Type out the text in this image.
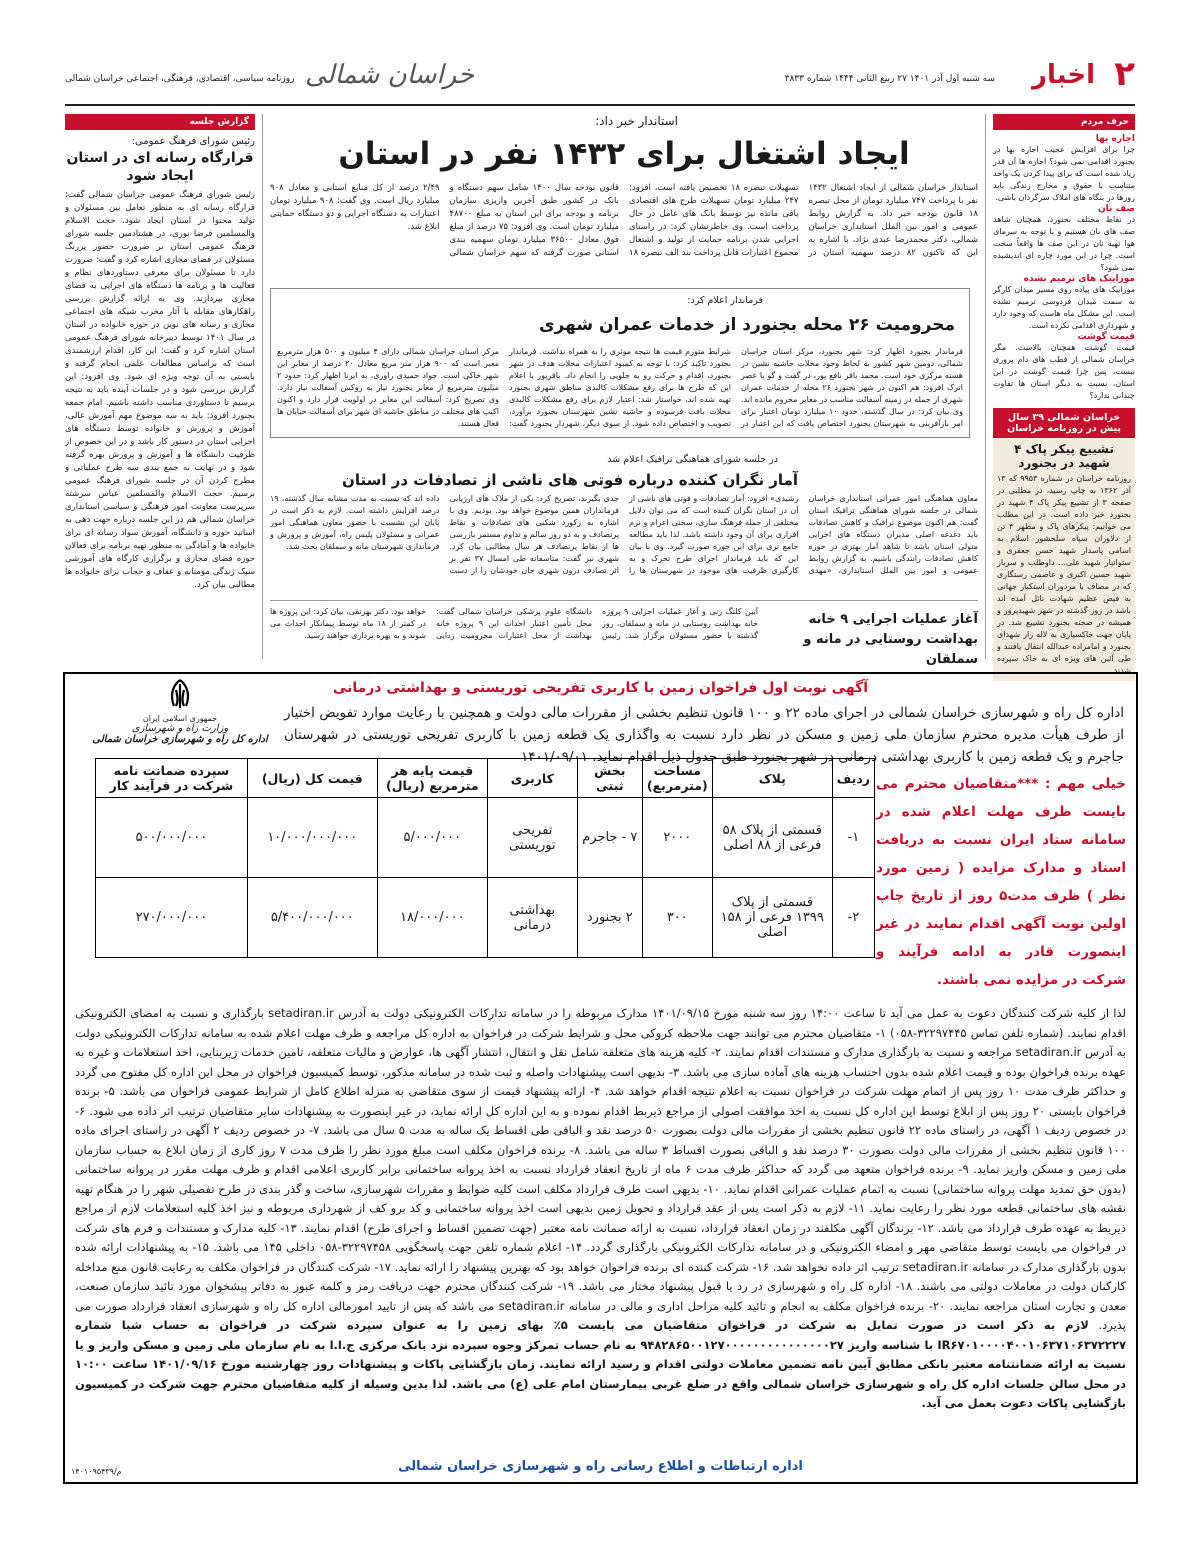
۲
اخبار
سه شنبه اول آذر ۱۴۰۱ ۲۷ ربیع الثانی ۱۴۴۴ شماره ۳۸۳۳
خراسان شمالی
روزنامه سیاسی، اقتصادی، فرهنگی، اجتماعی خراسان شمالی
حرف مردم
اجاره بها
چرا برای افزایش عجیب اجاره بها در بجنورد اقدامی نمی شود؟ اجاره ها آن قدر زیاد شده است که برای پیدا کردن یک واحد متناسب با حقوق و مخارج زندگی باید روزها در بنگاه های املاک سرگردان باشی.
صف نان
در نقاط مختلف بجنورد، همچنان شاهد صف های نان هستیم و با توجه به سرمای هوا تهیه نان در این صف ها واقعاً سخت است. چرا در این مورد چاره ای اندیشیده نمی شود؟
موزاییک های ترمیم نشده
موزاییک های پیاده روی مسیر میدان کارگر به سمت میدان فردوسی ترمیم نشده است. این مشکل ماه هاست که وجود دارد و شهرداری اقدامی نکرده است.
قیمت گوشت
قیمت گوشت همچنان بالاست. مگر خراسان شمالی از قطب های دام پروری نیست، پس چرا قیمت گوشت در این استان، نسبت به دیگر استان ها تفاوت چندانی ندارد؟
خراسان شمالی ۳۹ سال پیش در روزنامه خراسان
تشییع پیکر پاک ۴ شهید در بجنورد
روزنامه خراسان در شماره ۹۹۵۳ که ۱۳ آذر ۱۳۶۲ به چاپ رسید، در مطلبی در صفحه ۳ از تشییع پیکر پاک ۴ شهید در بجنورد خبر داده است. در این مطلب می خوانیم: پیکرهای پاک و مطهر ۴ تن از دلاوران سپاه سلحشور اسلام به اسامی پاسدار شهید حسن جعفری و ستوانیار شهید علی... داوطلب و سرباز شهید حسین اکبری و عاصمی رستگاری که در مصاف با مزدوران استکبار جهانی به فیض عظیم شهادت نائل آمده اند باشد در روز گذشته در شهر شهیدپرور و همیشه در صحنه بجنورد تشییع شد. در پایان جهت خاکسپاری به لاله زار شهدای بجنورد و امامزاده عبدالله انتقال یافتند و طی آئین های ویژه ای به خاک سپرده شدند.
گزارش جلسه
رئیس شورای فرهنگ عمومی:
قرارگاه رسانه ای در استان ایجاد شود
رئیس شورای فرهنگ عمومی خراسان شمالی گفت: قرارگاه رسانه ای به منظور تعامل بین مسئولان و تولید محتوا در استان ایجاد شود. حجت الاسلام والمسلمین فرضا نوری، در هشتادمین جلسه شورای فرهنگ عمومی استان بر ضرورت حضور پررنگ مسئولان در فضای مجازی اشاره کرد و گفت: ضرورت دارد تا مسئولان برای معرفی دستاوردهای نظام و فعالیت ها و برنامه ها دستگاه های اجرایی به فضای مجازی بپردازند. وی به ارائه گزارش بررسی راهکارهای مقابله با آثار مخرب شبکه های اجتماعی مجازی و رسانه های نوین در حوزه خانواده در استان در سال ۱۴۰۱ توسط دبیرخانه شورای فرهنگ عمومی استان اشاره کرد و گفت: این کار، اقدام ارزشمندی است که براساس مطالعات علمی انجام گرفته و بایستی به آن توجه ویژه ای شود. وی افزود: این گزارش بررسی شود و در جلسات آینده باید به نتیجه برسیم تا دستاوردی مناسب داشته باشیم. امام جمعه بجنورد افزود: باید به سه موضوع مهم آموزش عالی، آموزش و پرورش و خانواده توسط دستگاه های اجرایی استان در دستور کار باشد و در این خصوص از ظرفیت دانشگاه ها و آموزش و پرورش بهره گرفته شود و در نهایت به جمع بندی سه طرح عملیاتی و مطرح کردن آن در جلسه شورای فرهنگ عمومی برسیم. حجت الاسلام والمسلمین عباس سرشته سرپرست معاونت امور فرهنگی و سیاسی استانداری خراسان شمالی هم در این جلسه درباره جهت دهی به اساتید حوزه و دانشگاه، آموزش سواد رسانه ای برای خانواده ها و آمادگی به منظور تهیه برنامه برای فعالان حوزه فضای مجازی و برگزاری کارگاه های آموزشی سبک زندگی مومنانه و عفاف و حجاب برای خانواده ها مطالبی بیان کرد.
استاندار خبر داد:
ایجاد اشتغال برای ۱۴۳۲ نفر در استان
استاندار خراسان شمالی از ایجاد اشتغال ۱۴۳۲ نفر با پرداخت ۷۴۷ میلیارد تومان از محل تبصره ۱۸ قانون بودجه خبر داد. به گزارش روابط عمومی و امور بین الملل استانداری خراسان شمالی، دکتر محمدرضا عبدی نژاد، با اشاره به این که تاکنون ۸۲ درصد سهمیه استان در تسهیلات تبصره ۱۸ تخصیص یافته است، افزود: ۲۴۷ میلیارد تومان تسهیلات طرح های اقتصادی باقی مانده نیز توسط بانک های عامل در حال پرداخت است. وی خاطرنشان کرد: در راستای اجرایی شدن برنامه حمایت از تولید و اشتغال مجموع اعتبارات قابل پرداخت بند الف تبصره ۱۸ قانون بودجه سال ۱۴۰۰ شامل سهم دستگاه و بانک در کشور طبق آخرین واریزی سازمان برنامه و بودجه برای این استان به مبلغ ۴۸۷۰۰ میلیارد تومان است. وی افزود: ۷۵ درصد از مبلغ فوق معادل ۳۶۵۰۰ میلیارد تومان سهمیه بندی استانی صورت گرفته که سهم خراسان شمالی ۲/۴۹ درصد از کل منابع استانی و معادل ۹۰۸ میلیارد ریال است. وی گفت: ۹۰۸ میلیارد تومان اعتبارات به دستگاه اجرایی و دو دستگاه حمایتی ابلاغ شد.
فرماندار اعلام کرد:
محرومیت ۲۶ محله بجنورد از خدمات عمران شهری
فرماندار بجنورد اظهار کرد: شهر بجنورد، مرکز استان خراسان شمالی، دومین شهر کشور به لحاظ وجود محلات حاشیه نشین در هسته مرکزی خود است. محمد باقر نافع پور، در گفت و گو با عصر اترک افزود: هم اکنون در شهر بجنورد ۲۶ محله از خدمات عمران شهری از جمله در زمینه آسفالت مناسب در معابر محروم مانده اند. وی بیان کرد: در سال گذشته، حدود ۱۰ میلیارد تومان اعتبار برای امر بازآفرینی به شهرستان بجنورد اختصاص یافت که این اعتبار در شرایط متورم قیمت ها نتیجه موثری را به همراه نداشت. فرماندار بجنورد تاکید کرد: با توجه به کمبود اعتبارات محلات هدف در شهر بجنورد، اقدام و حرکت رو به جلویی را انجام داد. باقرپور با اعلام این که طرح ها برای رفع مشکلات کالبدی مناطق شهری بجنورد تهیه شده اند، خواستار شد: اعتبار لازم برای رفع مشکلات کالبدی محلات بافت فرسوده و حاشیه نشین شهرستان بجنورد برآورد، تصویب و اختصاص داده شود. از سوی دیگر، شهردار بجنورد گفت: مرکز استان خراسان شمالی دارای ۴ میلیون و ۵۰۰ هزار مترمربع معبر است که ۹۰۰ هزار متر مربع معادل ۲۰ درصد از معابر این شهر خاکی است. جواد حمیدی راوری، به ایرنا اظهار کرد: حدود ۲ میلیون مترمربع از معابر بجنورد نیاز به روکش آسفالت نیاز دارد. وی تصریح کرد: آسفالت این معابر در اولویت قرار دارد و اکنون اکیپ های مختلف در مناطق حاشیه ای شهر برای آسفالت خیابان ها فعال هستند.
در جلسه شورای هماهنگی ترافیک اعلام شد
آمار نگران کننده درباره فوتی های ناشی از تصادفات در استان
معاون هماهنگی امور عمرانی استانداری خراسان شمالی در جلسه شورای هماهنگی ترافیک استان گفت: هم اکنون موضوع ترافیک و کاهش تصادفات باید دغدغه اصلی مدیران دستگاه های اجرایی متولی استان باشد تا شاهد آمار بهتری در حوزه کاهش تصادفات رانندگی باشیم. به گزارش روابط عمومی و امور بین الملل استانداری، «مهدی رشیدی» افزود: آمار تصادفات و فوتی های ناشی از آن در استان نگران کننده است که می توان دلایل مختلفی از جمله فرهنگ سازی، سختی اعزام و نرم افزاری برای آن وجود داشته باشد. لذا باید مطالعه جامع تری برای این حوزه صورت گیرد. وی با بیان این که باید فرماندار اجرای طرح تحرک و به کارگیری ظرفیت های موجود در شهرستان ها را جدی بگیرند، تصریح کرد: یکی از ملاک های ارزیابی فرمانداران همین موضوع خواهد بود. بودیم. وی با اشاره به رکورد شکنی های تصادفات و نقاط پرتصادف و به دو روز سالم و تداوم مستمر بازرسی ها از نقاط پرتصادف هر سال مطالبی بیان کرد. شهری نیز گفت: متاسفانه طی امسال ۳۷ نفر بر اثر تصادف درون شهری جان خودشان را از دست داده اند که نسبت به مدت مشابه سال گذشته، ۱۹ درصد افزایش داشته است. لازم به ذکر است در پایان این نشست با حضور معاون هماهنگی امور عمرانی و مسئولان پلیس راه، آموزش و پرورش و فرمانداری شهرستان مانه و سملقان بحث شد.
آغاز عملیات اجرایی ۹ خانه بهداشت روستایی در مانه و سملقان
آیین کلنگ زنی و آغاز عملیات اجرایی ۹ پروژه خانه بهداشت روستایی در مانه و سملقان، روز گذشته با حضور مسئولان برگزار شد. رئیس دانشگاه علوم پزشکی خراسان شمالی گفت: محل تأمین اعتبار احداث این ۹ پروژه خانه بهداشت از محل اعتبارات محرومیت زدایی خواهد بود. دکتر بهرنقی، بیان کرد: این پروژه ها در کمتر از ۱۸ ماه توسط پیمانکار احداث می شوند و به بهره برداری خواهند رسید.
آگهی نوبت اول فراخوان زمین با کاربری تفریحی توریستی و بهداشتی درمانی
جمهوری اسلامی ایران
وزارت راه و شهرسازی
اداره کل راه و شهرسازی خراسان شمالی
اداره کل راه و شهرسازی خراسان شمالی در اجرای ماده ۲۲ و ۱۰۰ قانون تنظیم بخشی از مقررات مالی دولت و همچنین با رعایت موارد تفویض اختیار از طرف هیأت مدیره محترم سازمان ملی زمین و مسکن در نظر دارد نسبت به واگذاری یک قطعه زمین با کاربری تفریحی توریستی در شهرستان جاجرم و یک قطعه زمین با کاربری بهداشتی درمانی در شهر بجنورد طبق جدول ذیل اقدام نماید. ۱۴۰۱/۰۹/۰۱
ردیف	پلاک	مساحت (مترمربع)	بخش ثبتی	کاربری	قیمت پایه هر مترمربع (ریال)	قیمت کل (ریال)	سپرده ضمانت نامه شرکت در فرآیند کار
۱-	قسمتی از پلاک ۵۸ فرعی از ۸۸ اصلی	۲۰۰۰	۷ - جاجرم	تفریحی توریستی	۵/۰۰۰/۰۰۰	۱۰/۰۰۰/۰۰۰/۰۰۰	۵۰۰/۰۰۰/۰۰۰
۲-	قسمتی از پلاک ۱۳۹۹ فرعی از ۱۵۸ اصلی	۳۰۰	۲ بجنورد	بهداشتی درمانی	۱۸/۰۰۰/۰۰۰	۵/۴۰۰/۰۰۰/۰۰۰	۲۷۰/۰۰۰/۰۰۰
خیلی مهم : ***متقاضیان محترم می بایست ظرف مهلت اعلام شده در سامانه ستاد ایران نسبت به دریافت اسناد و مدارک مزایده ( زمین مورد نظر ) ظرف مدت۵ روز از تاریخ چاپ اولین نوبت آگهی اقدام نمایند در غیر اینصورت قادر به ادامه فرآیند و شرکت در مزایده نمی باشند.
لذا از کلیه شرکت کنندگان دعوت به عمل می آید تا ساعت ۱۴:۰۰ روز سه شنبه مورخ ۱۴۰۱/۰۹/۱۵ مدارک مربوطه را در سامانه تدارکات الکترونیکی دولت به آدرس setadiran.ir بارگذاری و نسبت به امضای الکترونیکی اقدام نمایند. (شماره تلفن تماس ۳۲۲۹۷۴۴۵-۰۵۸) ۱- متقاضیان محترم می توانند جهت ملاحظه کروکی محل و شرایط شرکت در فراخوان به اداره کل مراجعه و ظرف مهلت اعلام شده به سامانه تدارکات الکترونیکی دولت به آدرس setadiran.ir مراجعه و نسبت به بارگذاری مدارک و مستندات اقدام نمایند. ۲- کلیه هزینه های متعلقه شامل نقل و انتقال، انتشار آگهی ها، عوارض و مالیات متعلقه، تامین خدمات زیربنایی، اخذ استعلامات و غیره به عهده برنده فراخوان بوده و قیمت اعلام شده بدون احتساب هزینه های آماده سازی می باشد. ۳- بدیهی است پیشنهادات واصله و ثبت شده در سامانه مذکور، توسط کمیسیون فراخوان در محل این اداره کل مفتوح می گردد و حداکثر ظرف مدت ۱۰ روز پس از اتمام مهلت شرکت در فراخوان نسبت به اعلام نتیجه اقدام خواهد شد. ۴- ارائه پیشنهاد قیمت از سوی متقاضی به منزله اطلاع کامل از شرایط عمومی فراخوان می باشد. ۵- برنده فراخوان بایستی ۲۰ روز پس از ابلاغ توسط این اداره کل نسبت به اخذ موافقت اصولی از مراجع ذیربط اقدام نموده و به این اداره کل ارائه نماید، در غیر اینصورت به پیشنهادات سایر متقاضیان ترتیب اثر داده می شود. ۶- در خصوص ردیف ۱ آگهی، در راستای ماده ۲۲ قانون تنظیم بخشی از مقررات مالی دولت بصورت ۵۰ درصد نقد و الباقی طی اقساط یک ساله به مدت ۵ سال می باشد. ۷- در خصوص ردیف ۲ آگهی در راستای اجرای ماده ۱۰۰ قانون تنظیم بخشی از مقررات مالی دولت بصورت ۳۰ درصد نقد و الباقی بصورت اقساط ۳ ساله می باشد. ۸- برنده فراخوان مکلف است مبلغ مورد نظر را ظرف مدت ۷ روز کاری از زمان ابلاغ به حساب سازمان ملی زمین و مسکن واریز نماید. ۹- برنده فراخوان متعهد می گردد که حداکثر ظرف مدت ۶ ماه از تاریخ انعقاد قرارداد نسبت به اخذ پروانه ساختمانی برابر کاربری اعلامی اقدام و ظرف مهلت مقرر در پروانه ساختمانی (بدون حق تمدید مهلت پروانه ساختمانی) نسبت به اتمام عملیات عمرانی اقدام نماید. ۱۰- بدیهی است طرف قرارداد مکلف است کلیه ضوابط و مقررات شهرسازی، ساخت و گذر بندی در طرح تفصیلی شهر را در هنگام تهیه نقشه های ساختمانی قطعه مورد نظر را رعایت نماید. ۱۱- لازم به ذکر است پس از عقد قرارداد و تحویل زمین بدیهی است اخذ پروانه ساختمانی و کد برو کف از شهرداری مربوطه و نیز اخذ کلیه استعلامات لازم از مراجع ذیربط به عهده طرف قرارداد می باشد. ۱۲- برندگان آگهی مکلفند در زمان انعقاد قرارداد، نسبت به ارائه ضمانت نامه معتبر (جهت تضمین اقساط و اجرای طرح) اقدام نمایند. ۱۳- کلیه مدارک و مستندات و فرم های شرکت در فراخوان می بایست توسط متقاضی مهر و امضاء الکترونیکی و در سامانه تدارکات الکترونیکی بارگذاری گردد. ۱۴- اعلام شماره تلفن جهت پاسخگویی ۳۲۲۹۷۴۵۸-۰۵۸ داخلی ۱۴۵ می باشد. ۱۵- به پیشنهادات ارائه شده بدون بارگذاری مدارک در سامانه setadiran.ir ترتیب اثر داده نخواهد شد. ۱۶- شرکت کننده ای برنده فراخوان خواهد بود که بهترین پیشنهاد را ارائه نماید. ۱۷- شرکت کنندگان در فراخوان مکلف به رعایت قانون منع مداخله کارکنان دولت در معاملات دولتی می باشند. ۱۸- اداره کل راه و شهرسازی در رد یا قبول پیشنهاد مختار می باشد. ۱۹- شرکت کنندگان محترم جهت دریافت رمز و کلمه عبور به دفاتر پیشخوان مورد تائید سازمان صنعت، معدن و تجارت استان مراجعه نمایند. ۲۰- برنده فراخوان مکلف به انجام و تائید کلیه مراحل اداری و مالی در سامانه setadiran.ir می باشد که پس از تایید امورمالی اداره کل راه و شهرسازی انعقاد قرارداد صورت می پذیرد. لازم به ذکر است در صورت تمایل به شرکت در فراخوان متقاضیان می بایست ۵٪ بهای زمین را به عنوان سپرده شرکت در فراخوان به حساب شبا شماره IR۶۷۰۱۰۰۰۰۴۰۰۱۰۶۳۷۱۰۶۳۷۲۲۲۷ با شناسه واریز ۹۴۸۲۸۶۵۰۰۱۲۷۰۰۰۰۰۰۰۰۰۰۰۰۰۰۰۲۷ به نام حساب تمرکز وجوه سپرده نزد بانک مرکزی ج.ا.ا به نام سازمان ملی زمین و مسکن واریز و یا نسبت به ارائه ضمانتنامه معتبر بانکی مطابق آیین نامه تضمین معاملات دولتی اقدام و رسید ارائه نمایند. زمان بازگشایی پاکات و پیشنهادات روز چهارشنبه مورخ ۱۴۰۱/۰۹/۱۶ ساعت ۱۰:۰۰ در محل سالن جلسات اداره کل راه و شهرسازی خراسان شمالی واقع در ضلع غربی بیمارستان امام علی (ع) می باشد. لذا بدین وسیله از کلیه متقاضیان محترم جهت شرکت در کمیسیون بازگشایی پاکات دعوت بعمل می آید.
اداره ارتباطات و اطلاع رسانی راه و شهرسازی خراسان شمالی
م/۱۴۰۱۰۹۵۴۳۹
